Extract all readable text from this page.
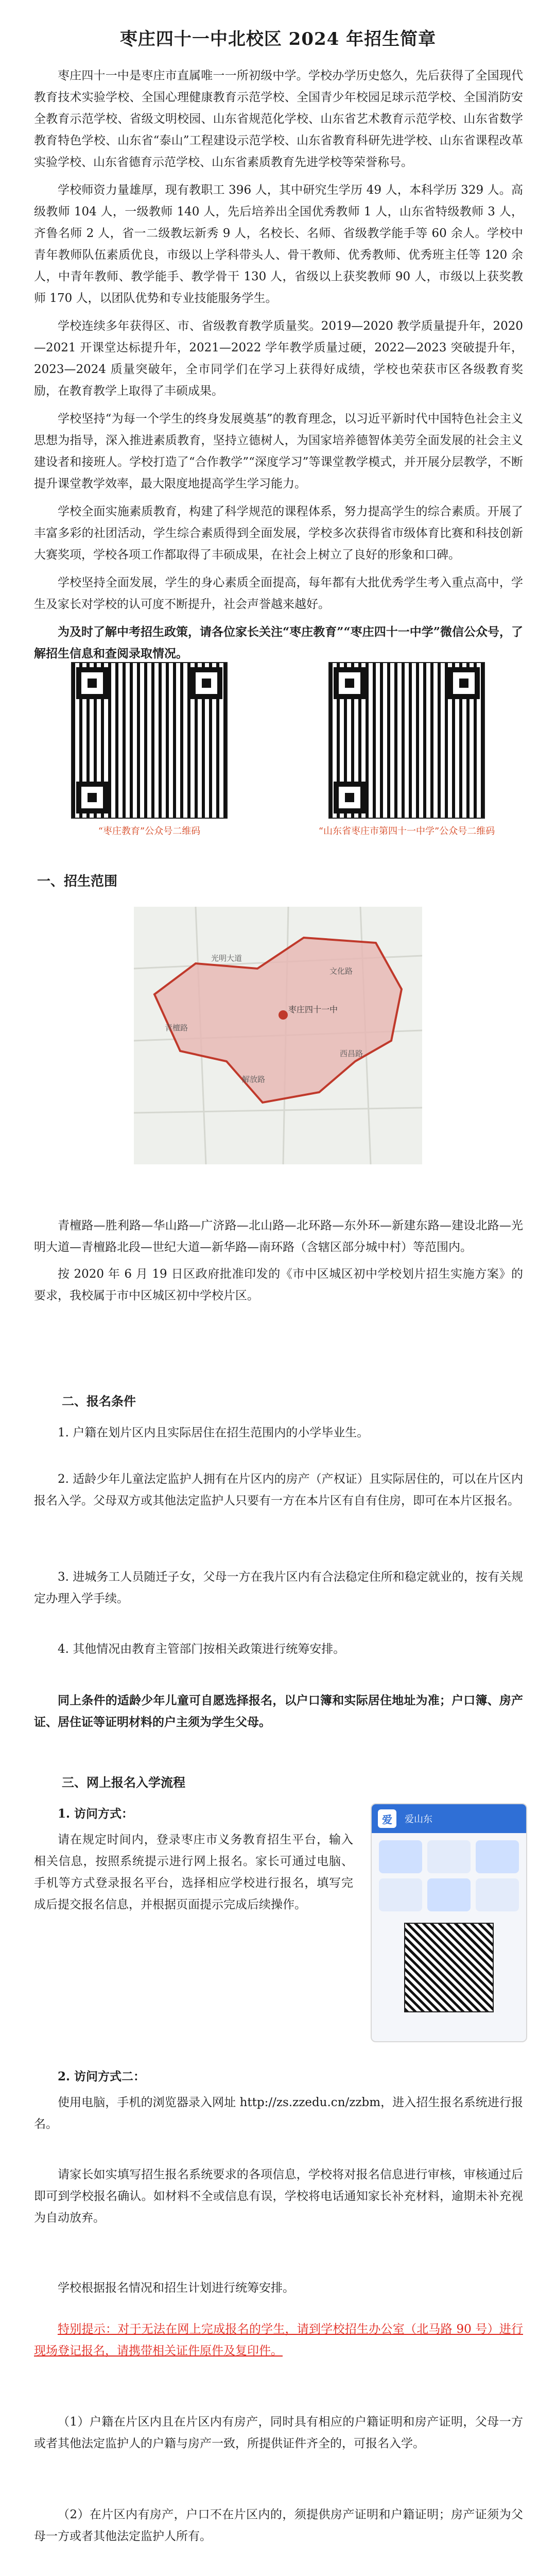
枣庄四十一中北校区 2024 年招生简章

枣庄四十一中是枣庄市直属唯一一所初级中学。学校办学历史悠久，先后获得了全国现代教育技术实验学校、全国心理健康教育示范学校、全国青少年校园足球示范学校、全国消防安全教育示范学校、省级文明校园、山东省规范化学校、山东省艺术教育示范学校、山东省数学教育特色学校、山东省“泰山”工程建设示范学校、山东省教育科研先进学校、山东省课程改革实验学校、山东省德育示范学校、山东省素质教育先进学校等荣誉称号。

学校师资力量雄厚，现有教职工 396 人，其中研究生学历 49 人，本科学历 329 人。高级教师 104 人，一级教师 140 人，先后培养出全国优秀教师 1 人，山东省特级教师 3 人，齐鲁名师 2 人，省一二级教坛新秀 9 人，名校长、名师、省级教学能手等 60 余人。学校中青年教师队伍素质优良，市级以上学科带头人、骨干教师、优秀教师、优秀班主任等 120 余人，中青年教师、教学能手、教学骨干 130 人，省级以上获奖教师 90 人，市级以上获奖教师 170 人，以团队优势和专业技能服务学生。

学校连续多年获得区、市、省级教育教学质量奖。2019—2020 教学质量提升年，2020—2021 开课堂达标提升年，2021—2022 学年教学质量过硬，2022—2023 突破提升年，2023—2024 质量突破年，全市同学们在学习上获得好成绩，学校也荣获市区各级教育奖励，在教育教学上取得了丰硕成果。

学校坚持“为每一个学生的终身发展奠基”的教育理念，以习近平新时代中国特色社会主义思想为指导，深入推进素质教育，坚持立德树人，为国家培养德智体美劳全面发展的社会主义建设者和接班人。学校打造了“合作教学”“深度学习”等课堂教学模式，并开展分层教学，不断提升课堂教学效率，最大限度地提高学生学习能力。

学校全面实施素质教育，构建了科学规范的课程体系，努力提高学生的综合素质。开展了丰富多彩的社团活动，学生综合素质得到全面发展，学校多次获得省市级体育比赛和科技创新大赛奖项，学校各项工作都取得了丰硕成果，在社会上树立了良好的形象和口碑。

学校坚持全面发展，学生的身心素质全面提高，每年都有大批优秀学生考入重点高中，学生及家长对学校的认可度不断提升，社会声誉越来越好。

为及时了解中考招生政策，请各位家长关注“枣庄教育”“枣庄四十一中学”微信公众号，了解招生信息和查阅录取情况。

“枣庄教育”公众号二维码	“山东省枣庄市第四十一中学”公众号二维码
一、招生范围
枣庄四十一中
光明大道
青檀路
文化路
解放路
西昌路

青檀路—胜利路—华山路—广济路—北山路—北环路—东外环—新建东路—建设北路—光明大道—青檀路北段—世纪大道—新华路—南环路（含辖区部分城中村）等范围内。

按 2020 年 6 月 19 日区政府批准印发的《市中区城区初中学校划片招生实施方案》的要求，我校属于市中区城区初中学校片区。

二、报名条件

1. 户籍在划片区内且实际居住在招生范围内的小学毕业生。

2. 适龄少年儿童法定监护人拥有在片区内的房产（产权证）且实际居住的，可以在片区内报名入学。父母双方或其他法定监护人只要有一方在本片区有自有住房，即可在本片区报名。

3. 进城务工人员随迁子女，父母一方在我片区内有合法稳定住所和稳定就业的，按有关规定办理入学手续。

4. 其他情况由教育主管部门按相关政策进行统筹安排。

同上条件的适龄少年儿童可自愿选择报名，以户口簿和实际居住地址为准；户口簿、房产证、居住证等证明材料的户主须为学生父母。

三、网上报名入学流程

1. 访问方式：

请在规定时间内，登录枣庄市义务教育招生平台，输入相关信息，按照系统提示进行网上报名。家长可通过电脑、手机等方式登录报名平台，选择相应学校进行报名，填写完成后提交报名信息，并根据页面提示完成后续操作。

爱	爱山东

2. 访问方式二：

使用电脑，手机的浏览器录入网址 http://zs.zzedu.cn/zzbm，进入招生报名系统进行报名。

请家长如实填写招生报名系统要求的各项信息，学校将对报名信息进行审核，审核通过后即可到学校报名确认。如材料不全或信息有误，学校将电话通知家长补充材料，逾期未补充视为自动放弃。

学校根据报名情况和招生计划进行统筹安排。

特别提示：对于无法在网上完成报名的学生，请到学校招生办公室（北马路 90 号）进行现场登记报名，请携带相关证件原件及复印件。

（1）户籍在片区内且在片区内有房产，同时具有相应的户籍证明和房产证明，父母一方或者其他法定监护人的户籍与房产一致，所提供证件齐全的，可报名入学。

（2）在片区内有房产，户口不在片区内的，须提供房产证明和户籍证明；房产证须为父母一方或者其他法定监护人所有。
